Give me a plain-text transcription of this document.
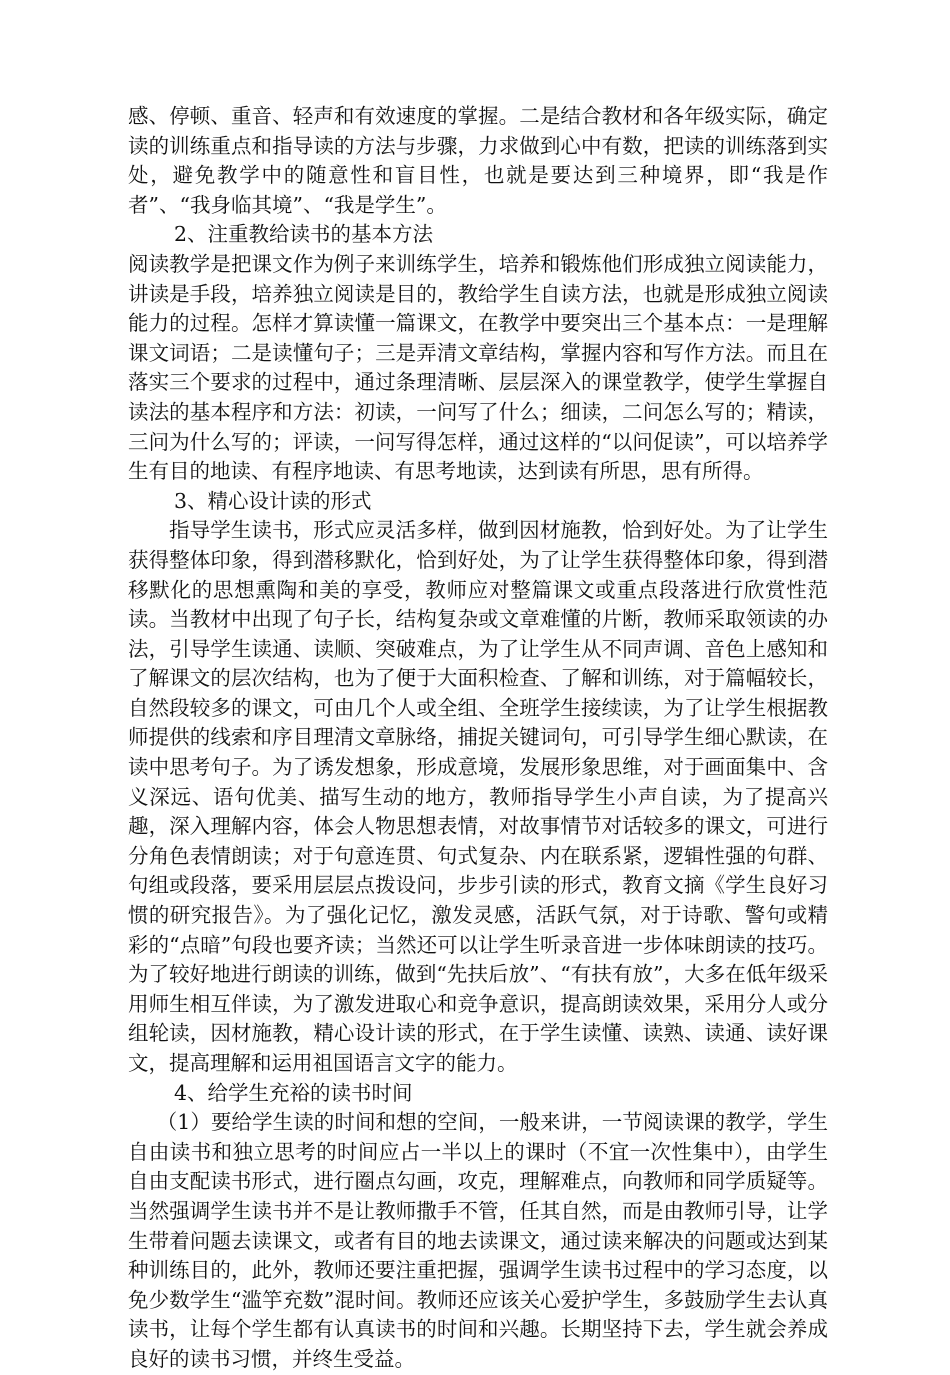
感、停顿、重音、轻声和有效速度的掌握。二是结合教材和各年级实际，确定读的训练重点和指导读的方法与步骤，力求做到心中有数，把读的训练落到实处，避免教学中的随意性和盲目性，也就是要达到三种境界，即“我是作者”、“我身临其境”、“我是学生”。

2、注重教给读书的基本方法

阅读教学是把课文作为例子来训练学生，培养和锻炼他们形成独立阅读能力，讲读是手段，培养独立阅读是目的，教给学生自读方法，也就是形成独立阅读能力的过程。怎样才算读懂一篇课文，在教学中要突出三个基本点：一是理解课文词语；二是读懂句子；三是弄清文章结构，掌握内容和写作方法。而且在落实三个要求的过程中，通过条理清晰、层层深入的课堂教学，使学生掌握自读法的基本程序和方法：初读，一问写了什么；细读，二问怎么写的；精读，三问为什么写的；评读，一问写得怎样，通过这样的“以问促读”，可以培养学生有目的地读、有程序地读、有思考地读，达到读有所思，思有所得。

3、精心设计读的形式

指导学生读书，形式应灵活多样，做到因材施教，恰到好处。为了让学生获得整体印象，得到潜移默化，恰到好处，为了让学生获得整体印象，得到潜移默化的思想熏陶和美的享受，教师应对整篇课文或重点段落进行欣赏性范读。当教材中出现了句子长，结构复杂或文章难懂的片断，教师采取领读的办法，引导学生读通、读顺、突破难点，为了让学生从不同声调、音色上感知和了解课文的层次结构，也为了便于大面积检查、了解和训练，对于篇幅较长，自然段较多的课文，可由几个人或全组、全班学生接续读，为了让学生根据教师提供的线索和序目理清文章脉络，捕捉关键词句，可引导学生细心默读，在读中思考句子。为了诱发想象，形成意境，发展形象思维，对于画面集中、含义深远、语句优美、描写生动的地方，教师指导学生小声自读，为了提高兴趣，深入理解内容，体会人物思想表情，对故事情节对话较多的课文，可进行分角色表情朗读；对于句意连贯、句式复杂、内在联系紧，逻辑性强的句群、句组或段落，要采用层层点拨设问，步步引读的形式，教育文摘《学生良好习惯的研究报告》。为了强化记忆，激发灵感，活跃气氛，对于诗歌、警句或精彩的“点暗”句段也要齐读；当然还可以让学生听录音进一步体味朗读的技巧。为了较好地进行朗读的训练，做到“先扶后放”、“有扶有放”，大多在低年级采用师生相互伴读，为了激发进取心和竞争意识，提高朗读效果，采用分人或分组轮读，因材施教，精心设计读的形式，在于学生读懂、读熟、读通、读好课文，提高理解和运用祖国语言文字的能力。

4、给学生充裕的读书时间

（1）要给学生读的时间和想的空间，一般来讲，一节阅读课的教学，学生自由读书和独立思考的时间应占一半以上的课时（不宜一次性集中），由学生自由支配读书形式，进行圈点勾画，攻克，理解难点，向教师和同学质疑等。当然强调学生读书并不是让教师撒手不管，任其自然，而是由教师引导，让学生带着问题去读课文，或者有目的地去读课文，通过读来解决的问题或达到某种训练目的，此外，教师还要注重把握，强调学生读书过程中的学习态度，以免少数学生“滥竽充数”混时间。教师还应该关心爱护学生，多鼓励学生去认真读书，让每个学生都有认真读书的时间和兴趣。长期坚持下去，学生就会养成良好的读书习惯，并终生受益。
